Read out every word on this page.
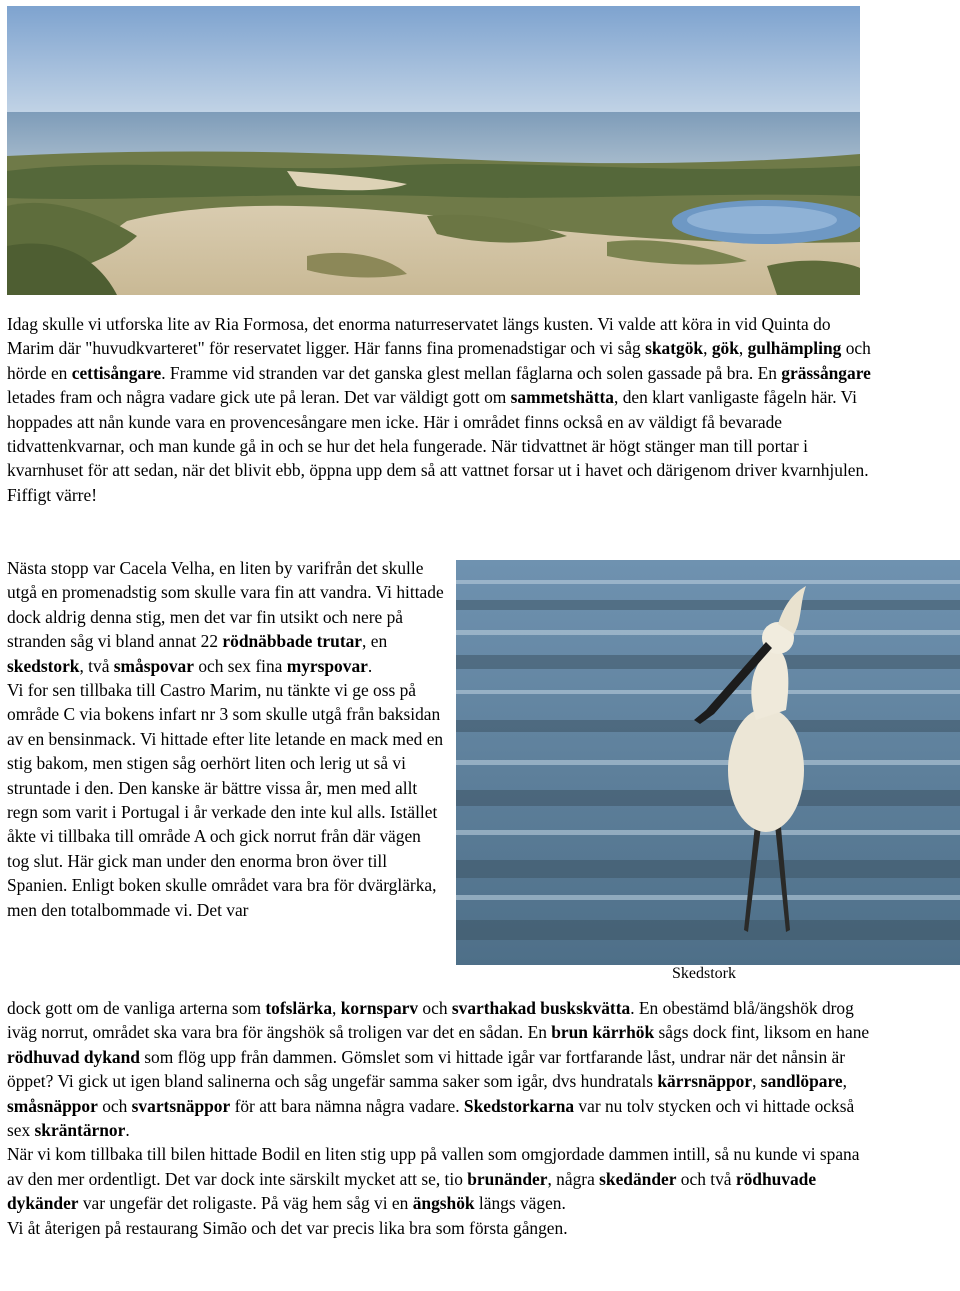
Idag skulle vi utforska lite av Ria Formosa, det enorma naturreservatet längs kusten. Vi valde att köra in vid Quinta do Marim där "huvudkvarteret" för reservatet ligger. Här fanns fina promenadstigar och vi såg skatgök, gök, gulhämpling och hörde en cettisångare. Framme vid stranden var det ganska glest mellan fåglarna och solen gassade på bra. En grässångare letades fram och några vadare gick ute på leran. Det var väldigt gott om sammetshätta, den klart vanligaste fågeln här. Vi hoppades att nån kunde vara en provencesångare men icke. Här i området finns också en av väldigt få bevarade tidvattenkvarnar, och man kunde gå in och se hur det hela fungerade. När tidvattnet är högt stänger man till portar i kvarnhuset för att sedan, när det blivit ebb, öppna upp dem så att vattnet forsar ut i havet och därigenom driver kvarnhjulen. Fiffigt värre!

Nästa stopp var Cacela Velha, en liten by varifrån det skulle utgå en promenadstig som skulle vara fin att vandra. Vi hittade dock aldrig denna stig, men det var fin utsikt och nere på stranden såg vi bland annat 22 rödnäbbade trutar, en skedstork, två småspovar och sex fina myrspovar.
Vi for sen tillbaka till Castro Marim, nu tänkte vi ge oss på område C via bokens infart nr 3 som skulle utgå från baksidan av en bensinmack. Vi hittade efter lite letande en mack med en stig bakom, men stigen såg oerhört liten och lerig ut så vi struntade i den. Den kanske är bättre vissa år, men med allt regn som varit i Portugal i år verkade den inte kul alls. Istället åkte vi tillbaka till område A och gick norrut från där vägen tog slut. Här gick man under den enorma bron över till Spanien. Enligt boken skulle området vara bra för dvärglärka, men den totalbommade vi. Det var

Skedstork

dock gott om de vanliga arterna som tofslärka, kornsparv och svarthakad buskskvätta. En obestämd blå/ängshök drog iväg norrut, området ska vara bra för ängshök så troligen var det en sådan. En brun kärrhök sågs dock fint, liksom en hane rödhuvad dykand som flög upp från dammen. Gömslet som vi hittade igår var fortfarande låst, undrar när det nånsin är öppet? Vi gick ut igen bland salinerna och såg ungefär samma saker som igår, dvs hundratals kärrsnäppor, sandlöpare, småsnäppor och svartsnäppor för att bara nämna några vadare. Skedstorkarna var nu tolv stycken och vi hittade också sex skräntärnor.
När vi kom tillbaka till bilen hittade Bodil en liten stig upp på vallen som omgjordade dammen intill, så nu kunde vi spana av den mer ordentligt. Det var dock inte särskilt mycket att se, tio brunänder, några skedänder och två rödhuvade dykänder var ungefär det roligaste. På väg hem såg vi en ängshök längs vägen.
Vi åt återigen på restaurang Simão och det var precis lika bra som första gången.
